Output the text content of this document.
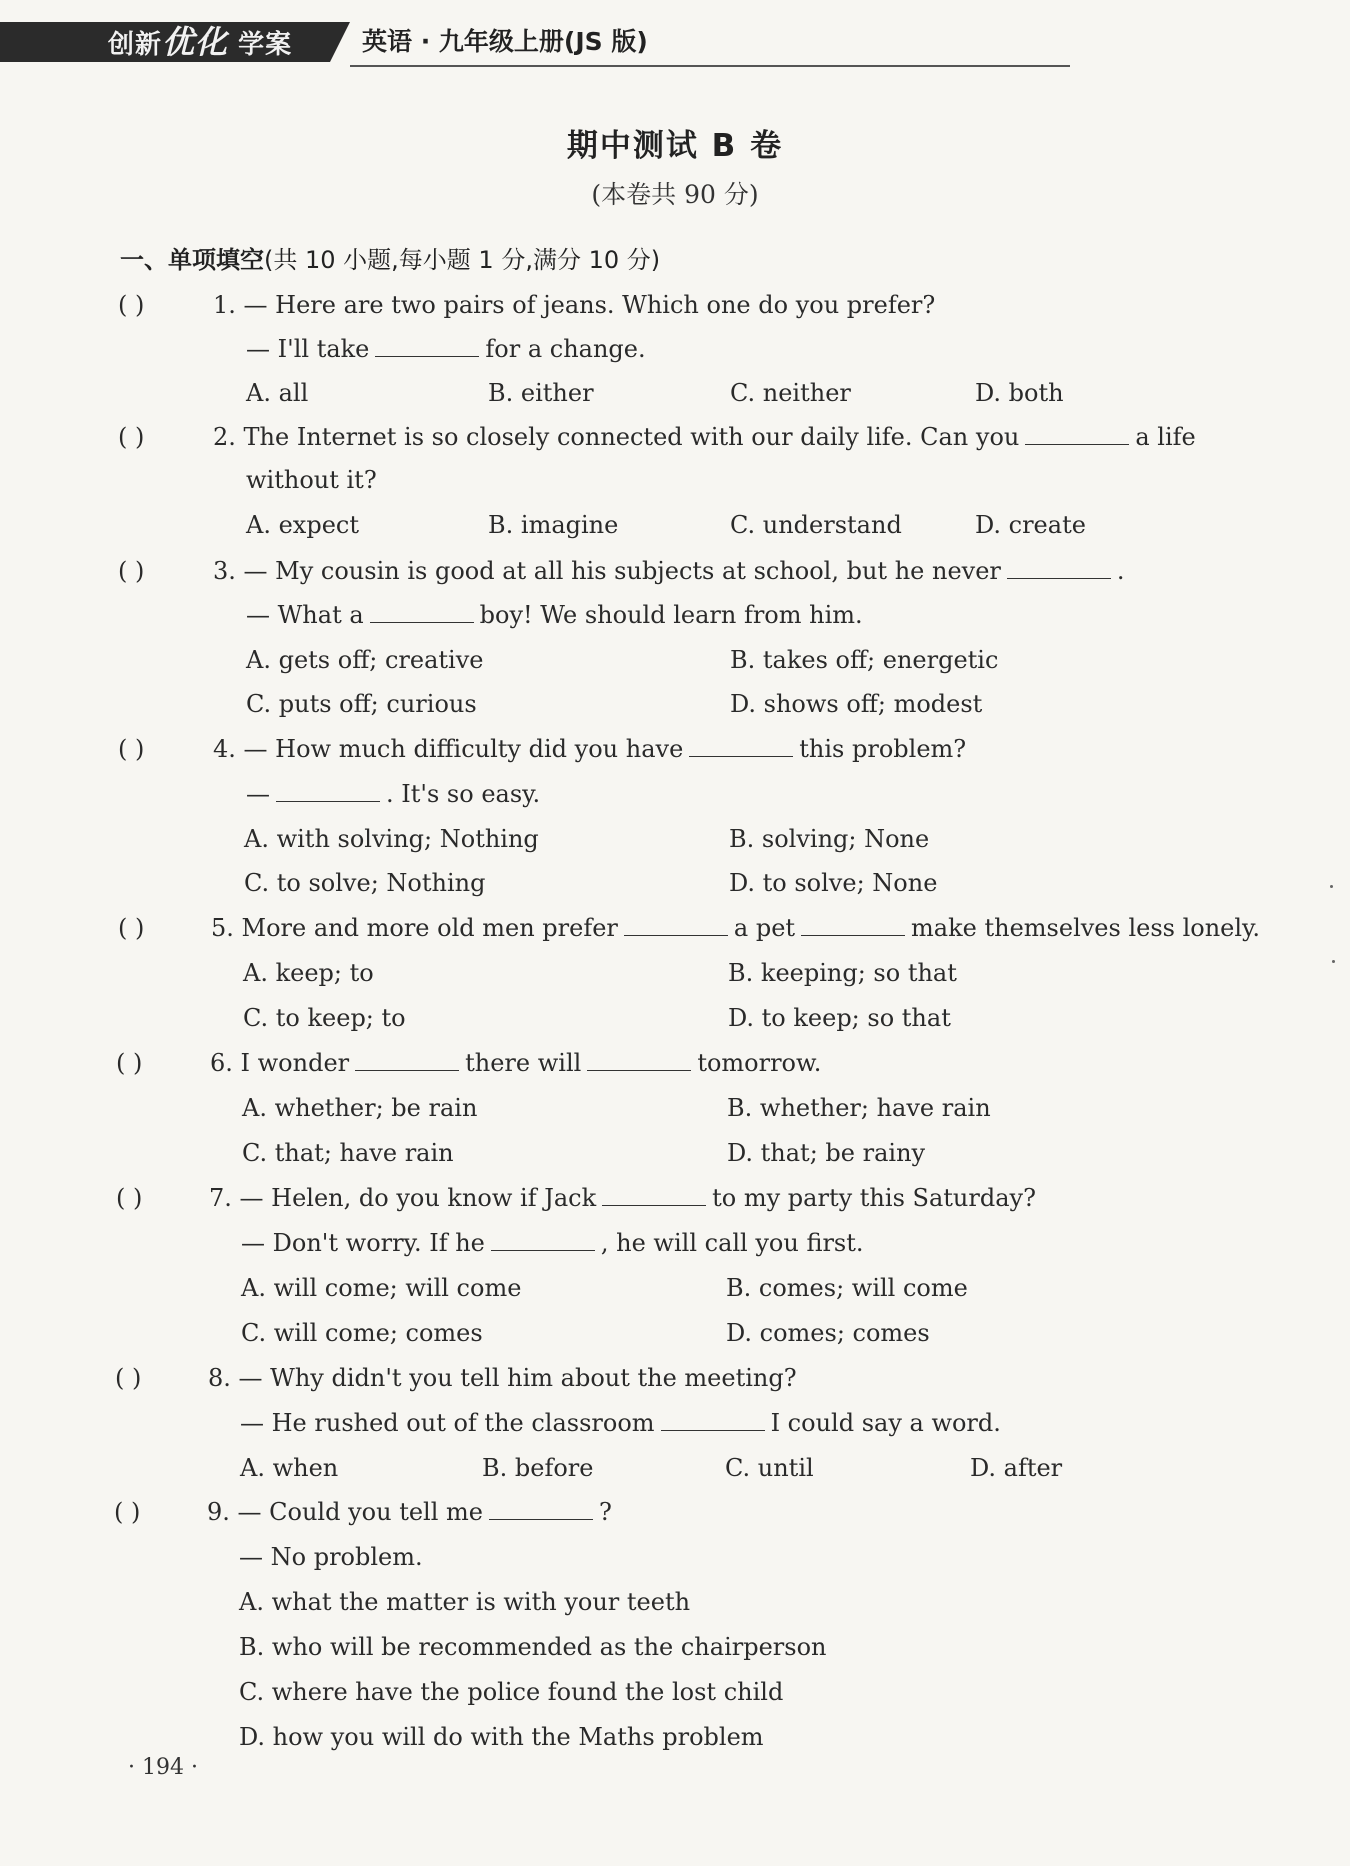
创新优化 学案	英语 · 九年级上册(JS 版)
期中测试 B 卷
(本卷共 90 分)
一、单项填空(共 10 小题,每小题 1 分,满分 10 分)
( )	1. — Here are two pairs of jeans. Which one do you prefer?
— I'll take	for a change.
A. all	B. either	C. neither	D. both
( )	2. The Internet is so closely connected with our daily life. Can you	a life
without it?
A. expect	B. imagine	C. understand	D. create
( )	3. — My cousin is good at all his subjects at school, but he never	.
— What a	boy! We should learn from him.
A. gets off; creative	B. takes off; energetic
C. puts off; curious	D. shows off; modest
( )	4. — How much difficulty did you have	this problem?
—	. It's so easy.
A. with solving; Nothing	B. solving; None
C. to solve; Nothing	D. to solve; None
( )	5. More and more old men prefer	a pet	make themselves less lonely.
A. keep; to	B. keeping; so that
C. to keep; to	D. to keep; so that
( )	6. I wonder	there will	tomorrow.
A. whether; be rain	B. whether; have rain
C. that; have rain	D. that; be rainy
( )	7. — Helen, do you know if Jack	to my party this Saturday?
— Don't worry. If he	, he will call you first.
A. will come; will come	B. comes; will come
C. will come; comes	D. comes; comes
( )	8. — Why didn't you tell him about the meeting?
— He rushed out of the classroom	I could say a word.
A. when	B. before	C. until	D. after
( )	9. — Could you tell me	?
— No problem.
A. what the matter is with your teeth
B. who will be recommended as the chairperson
C. where have the police found the lost child
D. how you will do with the Maths problem
· 194 ·
